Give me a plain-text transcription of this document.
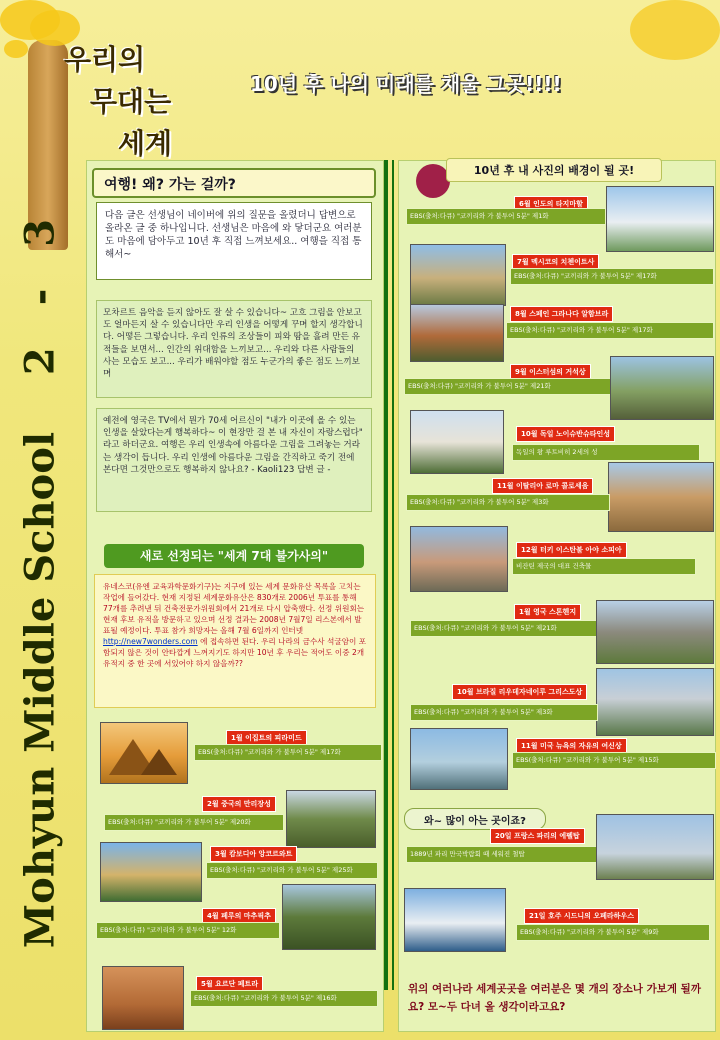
우리의
무대는
세계
10년 후 나의 미래를 채울 그곳!!!!
2 - 3
Mohyun Middle School
여행! 왜? 가는 걸까?
다음 글은 선생님이 네이버에 위의 질문을 올렸더니 답변으로 올라온 글 중 하나입니다. 선생님은 마음에 와 닿더군요 여러분도 마음에 담아두고 10년 후 직접 느껴보세요.. 여행을 직접 통해서~
모차르트 음악을 듣지 않아도 잘 살 수 있습니다~ 고흐 그림을 안보고도 얼마든지 살 수 있습니다만 우리 인생을 어떻게 꾸며 할지 생각합니다. 어떻든 그렇습니다. 우리 인류의 조상들이 피와 땀을 흘려 만든 유적들을 보면서... 인간의 위대함을 느끼보고... 우리와 다른 사람들의 사는 모습도 보고... 우리가 배워야할 점도 누군가의 좋은 점도 느끼보며
예전에 영국은 TV에서 뭔가 70세 어르신이 "내가 이곳에 올 수 있는 인생을 살았다는게 행복하다~ 이 현장만 걸 본 내 자신이 자랑스럽다" 라고 하더군요. 여행은 우리 인생속에 아름다운 그림을 그려놓는 거라는 생각이 듭니다. 우리 인생에 아름다운 그림을 간직하고 죽기 전에 본다면 그것만으로도 행복하지 않나요? - Kaoli123 답변 글 -
새로 선정되는 "세계 7대 불가사의"
유네스코(유엔 교육과학문화기구)는 지구에 있는 세계 문화유산 목록을 고치는 작업에 들어갔다. 현재 지정된 세계문화유산은 830개로 2006년 투표를 통해 77개를 추려낸 뒤 건축전문가위원회에서 21개로 다시 압축했다. 선정 위원회는 현재 후보 유적을 방문하고 있으며 선정 결과는 2008년 7월7일 리스본에서 발표될 예정이다. 투표 참가 희망자는 올해 7월 6일까지 인터넷 http://new7wonders.com 에 접속하면 된다. 우리 나라의 금수사 석굴암이 포함되지 않은 것이 안타깝게 느껴지기도 하지만 10년 후 우리는 적어도 이중 2개 유적지 중 한 곳에 서있어야 하지 않을까??
1월 이집트의 피라미드
EBS(출처:다큐) "코끼리와 가 불투어 5분" 제17화
2월 중국의 만리장성
EBS(출처:다큐) "코끼리와 가 불투어 5분" 제20화
3월 캄보디아 앙코르와트
EBS(출처:다큐) "코끼리와 가 불투어 5분" 제25화
4월 페루의 마추픽추
EBS(출처:다큐) "코끼리와 가 불투어 5분" 12화
5월 요르단 페트라
EBS(출처:다큐) "코끼리와 가 불투어 5분" 제16화
10년 후 내 사진의 배경이 될 곳!
6월 인도의 타지마할
EBS(출처:다큐) "코끼리와 가 불투어 5분" 제1화
7월 멕시코의 치첸이트사
EBS(출처:다큐) "코끼리와 가 불투어 5분" 제17화
8월 스페인 그라나다 알함브라
EBS(출처:다큐) "코끼리와 가 불투어 5분" 제17화
9월 이스터섬의 거석상
EBS(출처:다큐) "코끼리와 가 불투어 5분" 제21화
10월 독일 노이슈반슈타인성
독일의 왕 루트비히 2세의 성
11월 이탈리아 로마 콜로세움
EBS(출처:다큐) "코끼리와 가 불투어 5분" 제3화
12월 터키 이스탄불 아야 소피아
비잔틴 제국의 대표 건축물
1월 영국 스톤헨지
EBS(출처:다큐) "코끼리와 가 불투어 5분" 제21화
10월 브라질 리우데자네이루 그리스도상
EBS(출처:다큐) "코끼리와 가 불투어 5분" 제3화
11월 미국 뉴욕의 자유의 여신상
EBS(출처:다큐) "코끼리와 가 불투어 5분" 제15화
와~ 많이 아는 곳이죠?
20일 프랑스 파리의 에펠탑
1889년 파리 만국박람회 때 세워진 철탑
21일 호주 시드니의 오페라하우스
EBS(출처:다큐) "코끼리와 가 불투어 5분" 제9화
위의 여러나라 세계곳곳을 여러분은 몇 개의 장소나 가보게 될까요? 모~두 다녀 올 생각이라고요?
